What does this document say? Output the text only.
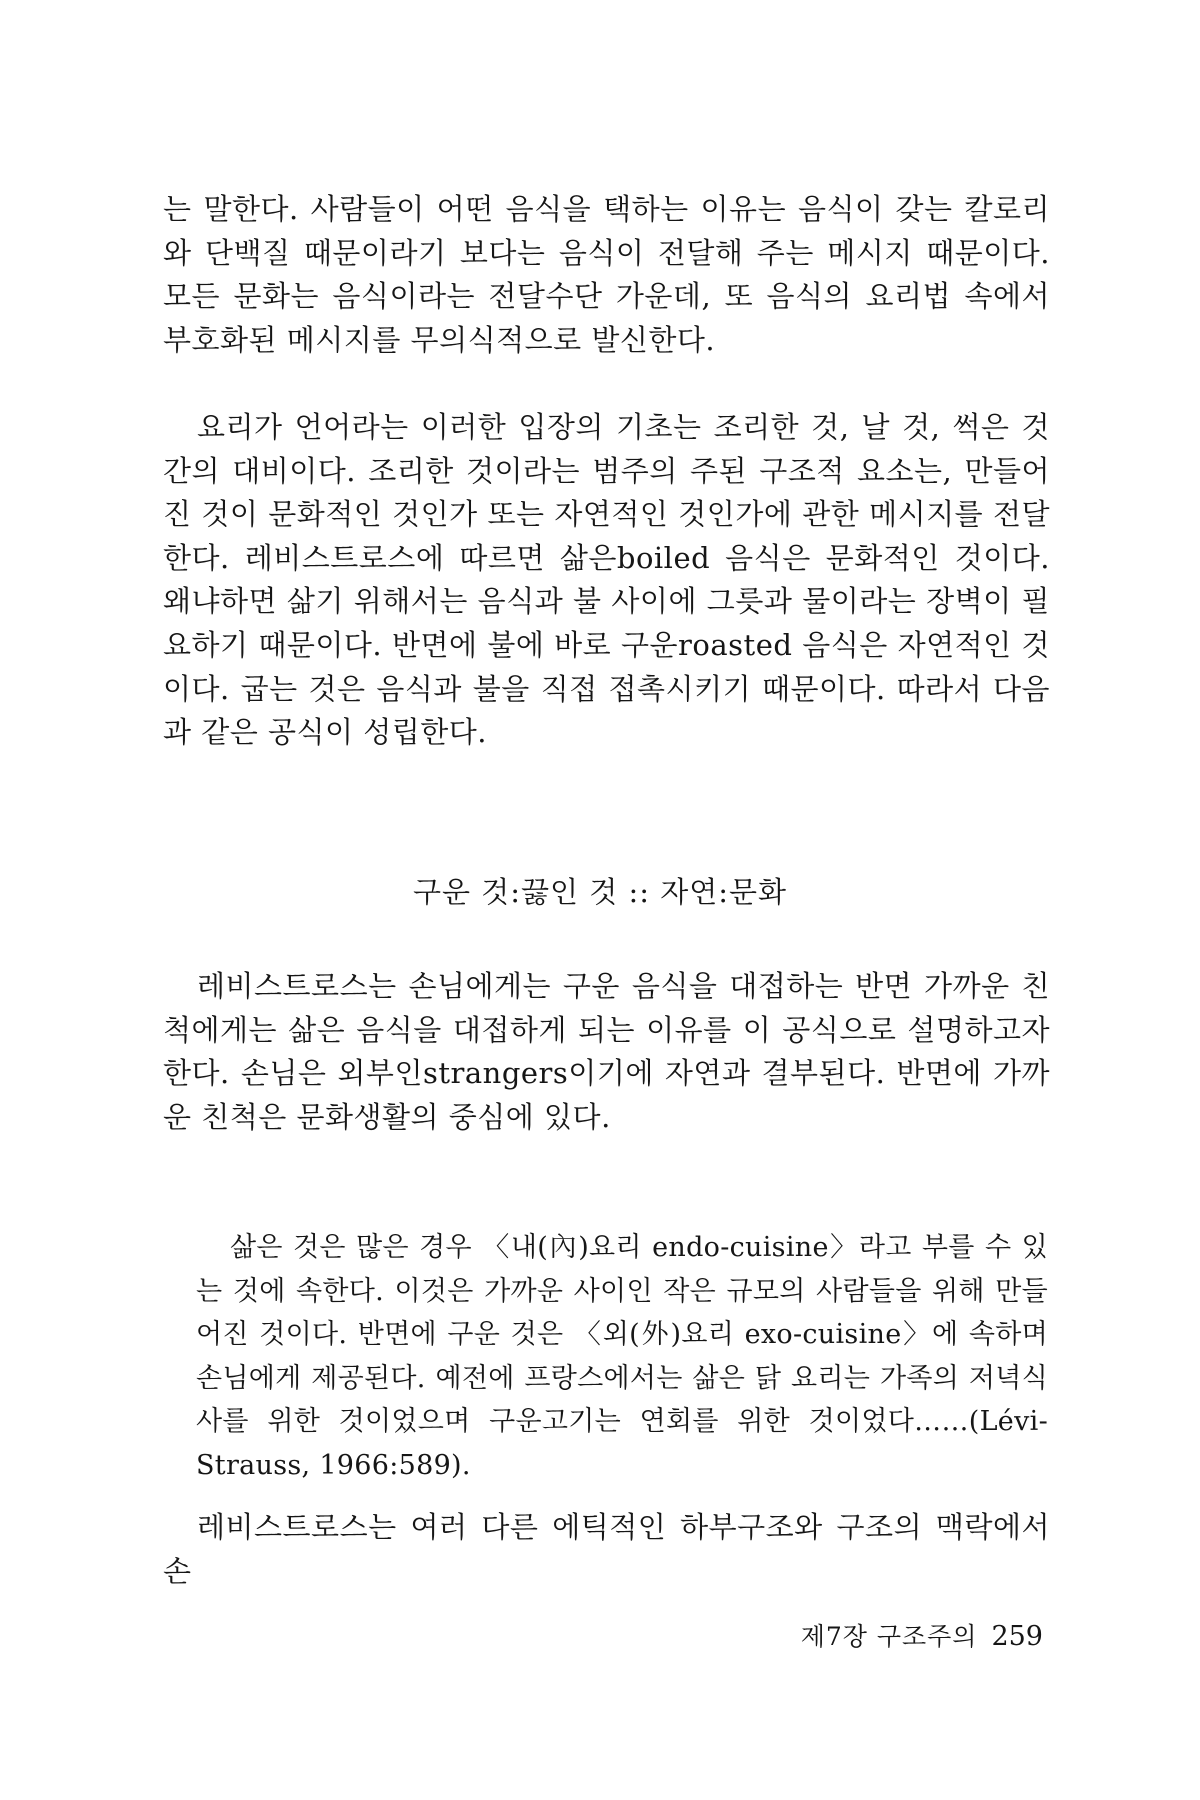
는 말한다. 사람들이 어떤 음식을 택하는 이유는 음식이 갖는 칼로리와 단백질 때문이라기 보다는 음식이 전달해 주는 메시지 때문이다. 모든 문화는 음식이라는 전달수단 가운데, 또 음식의 요리법 속에서 부호화된 메시지를 무의식적으로 발신한다.

요리가 언어라는 이러한 입장의 기초는 조리한 것, 날 것, 썩은 것 간의 대비이다. 조리한 것이라는 범주의 주된 구조적 요소는, 만들어진 것이 문화적인 것인가 또는 자연적인 것인가에 관한 메시지를 전달한다. 레비스트로스에 따르면 삶은boiled 음식은 문화적인 것이다. 왜냐하면 삶기 위해서는 음식과 불 사이에 그릇과 물이라는 장벽이 필요하기 때문이다. 반면에 불에 바로 구운roasted 음식은 자연적인 것이다. 굽는 것은 음식과 불을 직접 접촉시키기 때문이다. 따라서 다음과 같은 공식이 성립한다.

구운 것:끓인 것 :: 자연:문화

레비스트로스는 손님에게는 구운 음식을 대접하는 반면 가까운 친척에게는 삶은 음식을 대접하게 되는 이유를 이 공식으로 설명하고자 한다. 손님은 외부인strangers이기에 자연과 결부된다. 반면에 가까운 친척은 문화생활의 중심에 있다.

삶은 것은 많은 경우 〈내(內)요리 endo-cuisine〉라고 부를 수 있는 것에 속한다. 이것은 가까운 사이인 작은 규모의 사람들을 위해 만들어진 것이다. 반면에 구운 것은 〈외(外)요리 exo-cuisine〉에 속하며 손님에게 제공된다. 예전에 프랑스에서는 삶은 닭 요리는 가족의 저녁식사를 위한 것이었으며 구운고기는 연회를 위한 것이었다……(Lévi-Strauss, 1966:589).

레비스트로스는 여러 다른 에틱적인 하부구조와 구조의 맥락에서 손

제7장 구조주의 259
